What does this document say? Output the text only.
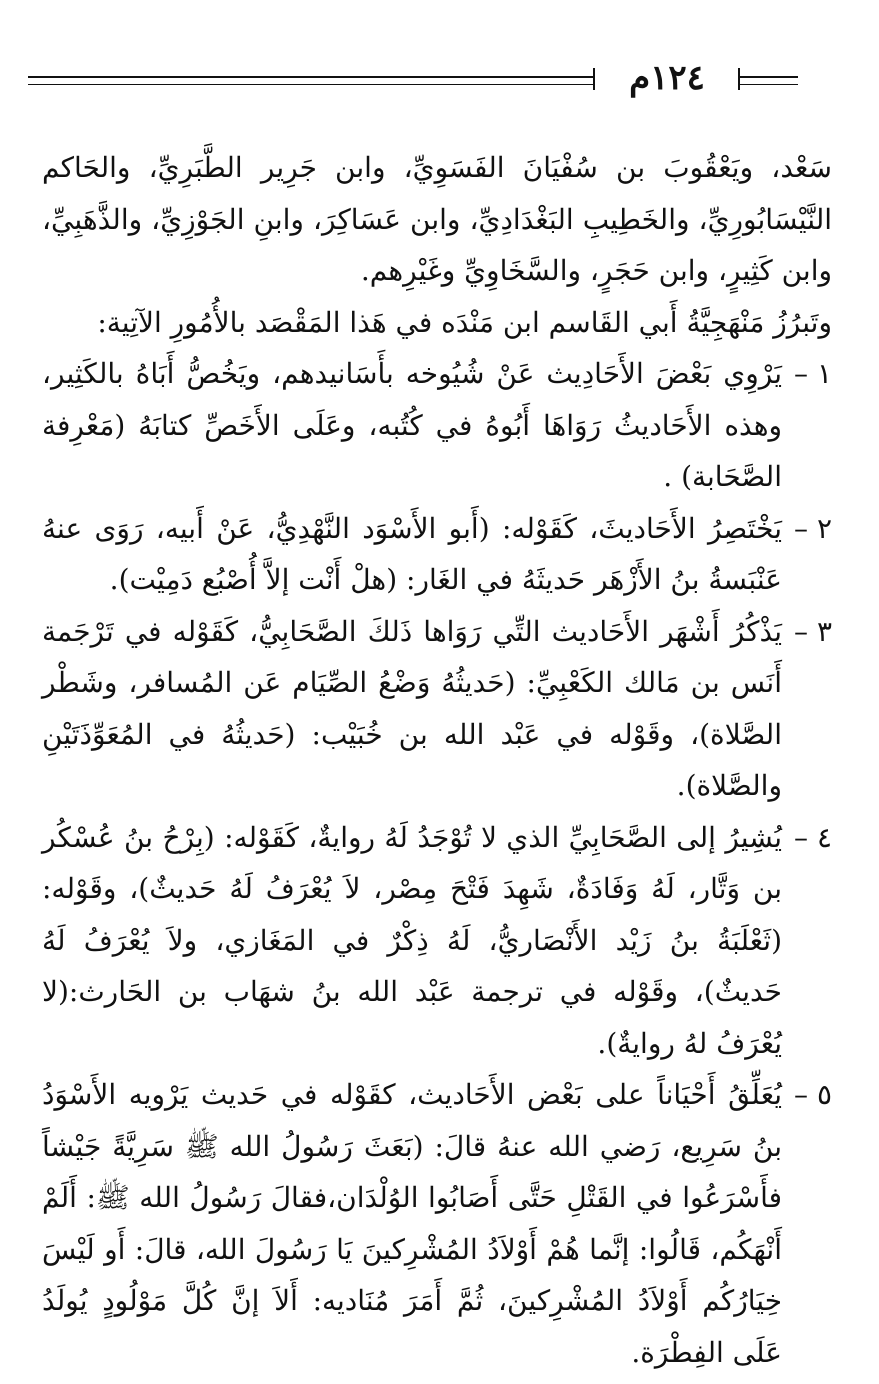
١٢٤م

سَعْد، ويَعْقُوبَ بن سُفْيَانَ الفَسَوِيِّ، وابن جَرِير الطَّبَرِيِّ، والحَاكم النَّيْسَابُورِيِّ، والخَطِيبِ البَغْدَادِيِّ، وابن عَسَاكِرَ، وابنِ الجَوْزِيِّ، والذَّهَبِيِّ، وابن كَثِيرٍ، وابن حَجَرٍ، والسَّخَاوِيِّ وغَيْرِهم.

وتَبرُزُ مَنْهَجِيَّةُ أَبي القَاسم ابن مَنْدَه في هَذا المَقْصَد بالأُمُورِ الآتِية:

١ –
يَرْوِي بَعْضَ الأَحَادِيث عَنْ شُيُوخه بأَسَانيدهم، ويَخُصُّ أَبَاهُ بالكَثِير، وهذه الأَحَاديثُ رَوَاهَا أَبُوهُ في كُتُبه، وعَلَى الأَخَصِّ كتابَهُ (مَعْرِفة الصَّحَابة) .
٢ –
يَخْتَصِرُ الأَحَاديثَ، كَقَوْله: (أَبو الأَسْوَد النَّهْدِيُّ، عَنْ أَبيه، رَوَى عنهُ عَنْبَسةُ بنُ الأَزْهَر حَديثَهُ في الغَار: (هلْ أَنْت إلاَّ أُصْبُع دَمِيْت).
٣ –
يَذْكُرُ أَشْهَر الأَحَاديث التِّي رَوَاها ذَلكَ الصَّحَابِيُّ، كَقَوْله في تَرْجَمة أَنَس بن مَالك الكَعْبِيِّ: (حَديثُهُ وَضْعُ الصِّيَام عَن المُسافر، وشَطْر الصَّلاة)، وقَوْله في عَبْد الله بن خُبَيْب: (حَديثُهُ في المُعَوِّذَتَيْنِ والصَّلاة).
٤ –
يُشِيرُ إلى الصَّحَابِيِّ الذي لا تُوْجَدُ لَهُ روايةٌ، كَقَوْله: (بِرْحُ بنُ عُسْكُر بن وَتَّار، لَهُ وَفَادَةٌ، شَهِدَ فَتْحَ مِصْر، لاَ يُعْرَفُ لَهُ حَديثٌ)، وقَوْله: (ثَعْلَبَةُ بنُ زَيْد الأَنْصَاريُّ، لَهُ ذِكْرٌ في المَغَازي، ولاَ يُعْرَفُ لَهُ حَديثٌ)، وقَوْله في ترجمة عَبْد الله بنُ شهَاب بن الحَارث:(لا يُعْرَفُ لهُ روايةٌ).
٥ –
يُعَلِّقُ أَحْيَاناً على بَعْض الأَحَاديث، كقَوْله في حَديث يَرْويه الأَسْوَدُ بنُ سَرِيع، رَضي الله عنهُ قالَ: (بَعَثَ رَسُولُ الله ﷺ سَرِيَّةً جَيْشاً فأَسْرَعُوا في القَتْلِ حَتَّى أَصَابُوا الوُلْدَان،فقالَ رَسُولُ الله ﷺ: أَلَمْ أَنْهَكُم، قَالُوا: إنَّما هُمْ أَوْلاَدُ المُشْرِكينَ يَا رَسُولَ الله، قالَ: أَو لَيْسَ خِيَارُكُم أَوْلاَدُ المُشْرِكينَ، ثُمَّ أَمَرَ مُنَاديه: أَلاَ إنَّ كُلَّ مَوْلُودٍ يُولَدُ عَلَى الفِطْرَة.
